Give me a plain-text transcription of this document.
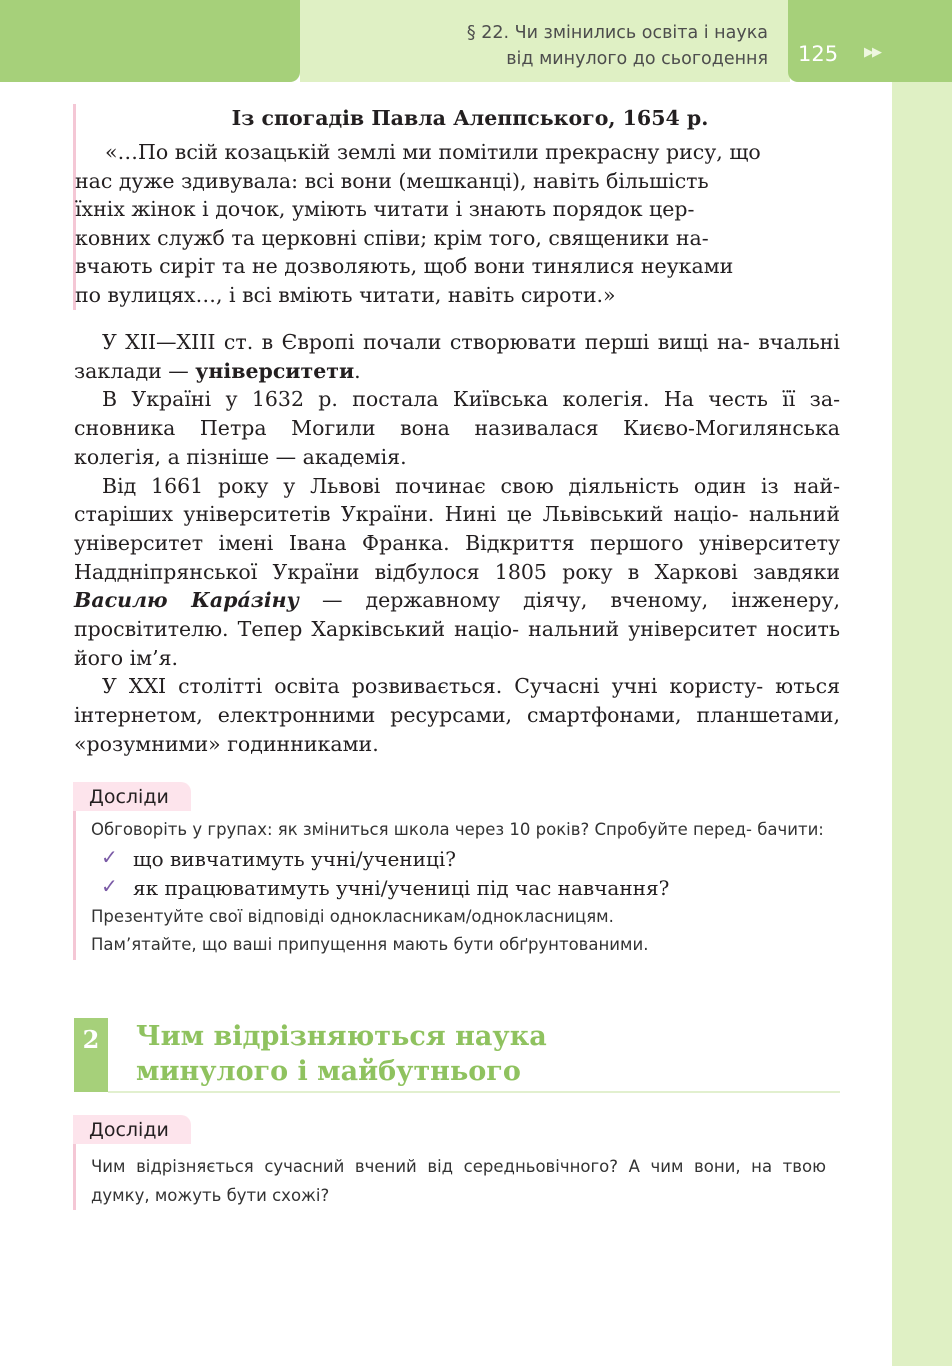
§ 22. Чи змінились освіта і наука
від минулого до сьогодення 125 ▶▶

Із спогадів Павла Алеппського, 1654 р.

«…По всій козацькій землі ми помітили прекрасну рису, що
нас дуже здивувала: всі вони (мешканці), навіть більшість
їхніх жінок і дочок, уміють читати і знають порядок цер-
ковних служб та церковні співи; крім того, священики на-
вчають сиріт та не дозволяють, щоб вони тинялися неуками
по вулицях…, і всі вміють читати, навіть сироти.»

У XII—XIII ст. в Європі почали створювати перші вищі на- вчальні заклади — університети.

В Україні у 1632 р. постала Київська колегія. На честь її за- сновника Петра Могили вона називалася Києво-Могилянська колегія, а пізніше — академія.

Від 1661 року у Львові починає свою діяльність один із най- старіших університетів України. Нині це Львівський націо- нальний університет імені Івана Франка. Відкриття першого університету Наддніпрянської України відбулося 1805 року в Харкові завдяки Василю Кара́зіну — державному діячу, вченому, інженеру, просвітителю. Тепер Харківський націо- нальний університет носить його ім’я.

У XXI столітті освіта розвивається. Сучасні учні користу- ються інтернетом, електронними ресурсами, смартфонами, планшетами, «розумними» годинниками.

Досліди

Обговоріть у групах: як зміниться школа через 10 років? Спробуйте перед- бачити:

✓ що вивчатимуть учні/учениці?
✓ як працюватимуть учні/учениці під час навчання?

Презентуйте свої відповіді однокласникам/однокласницям.

Пам’ятайте, що ваші припущення мають бути обґрунтованими.

2	Чим відрізняються наука
минулого і майбутнього
Досліди

Чим відрізняється сучасний вчений від середньовічного? А чим вони, на твою думку, можуть бути схожі?
